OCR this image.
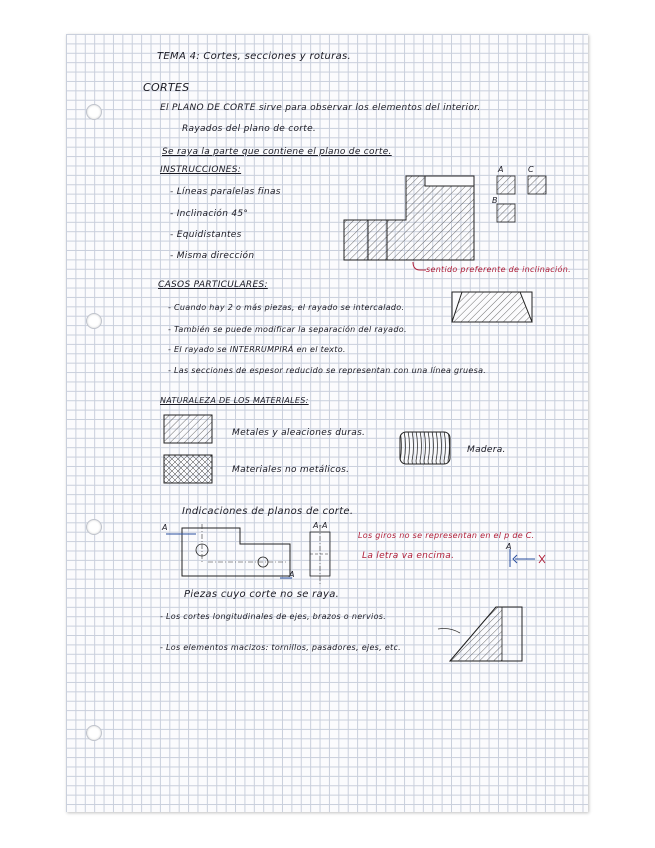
TEMA 4: Cortes, secciones y roturas.
CORTES
El PLANO DE CORTE sirve para observar los elementos del interior.
Rayados del plano de corte.
Se raya la parte que contiene el plano de corte.
INSTRUCCIONES:
- Líneas paralelas finas
- Inclinación 45°
- Equidistantes
- Misma dirección
A	C
B
sentido preferente de inclinación.
CASOS PARTICULARES:
- Cuando hay 2 o más piezas, el rayado se intercalado.
- También se puede modificar la separación del rayado.
- El rayado se INTERRUMPIRÁ en el texto.
- Las secciones de espesor reducido se representan con una línea gruesa.
NATURALEZA DE LOS MATERIALES:
Metales y aleaciones duras.
Materiales no metálicos.
Madera.
Indicaciones de planos de corte.
A
A
A-A
Los giros no se representan en el p de C.
La letra va encima.
A
Piezas cuyo corte no se raya.
- Los cortes longitudinales de ejes, brazos o nervios.
- Los elementos macizos: tornillos, pasadores, ejes, etc.
